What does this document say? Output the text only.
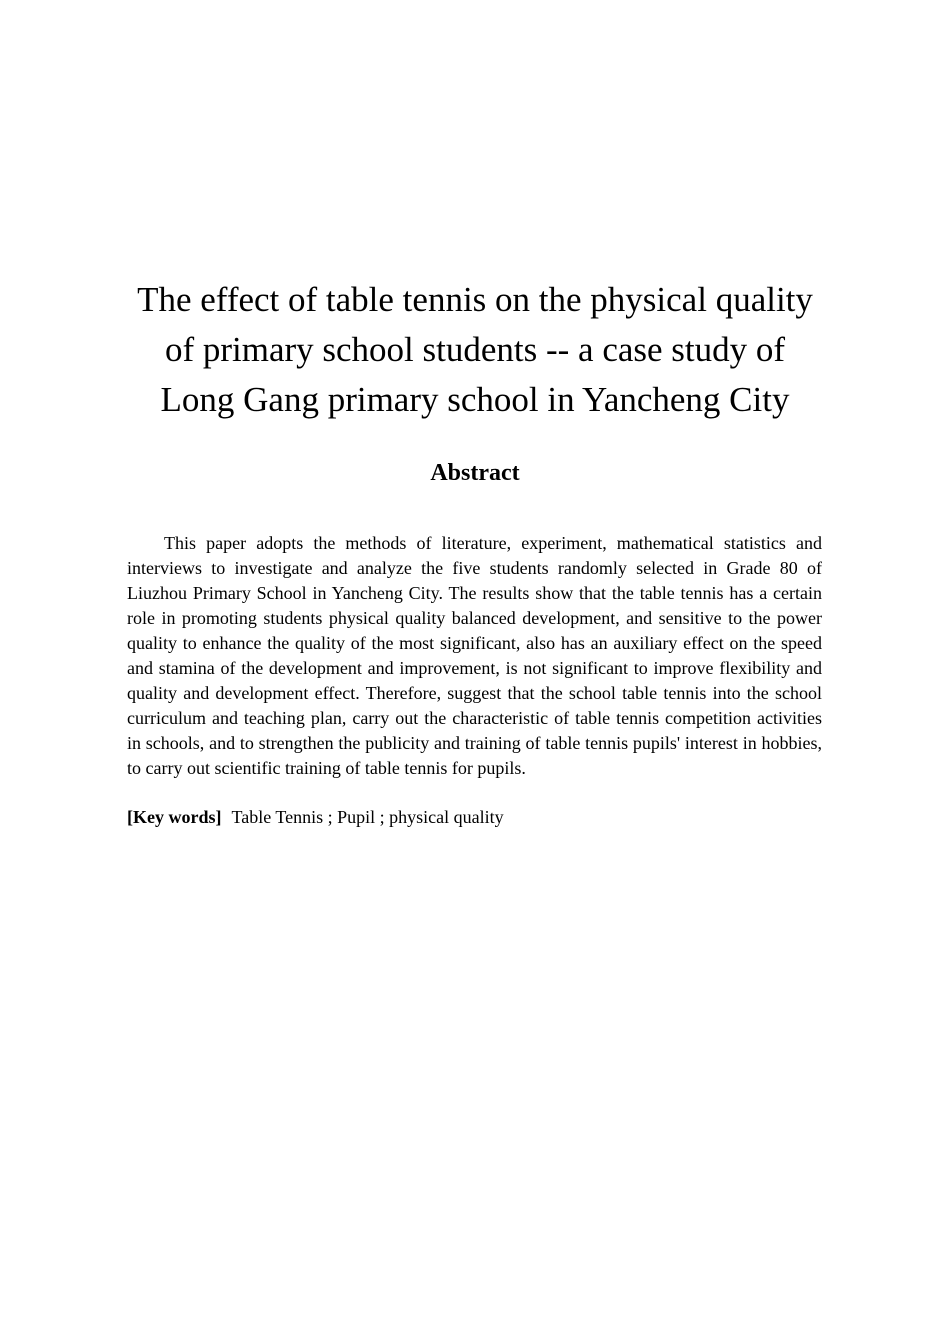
The effect of table tennis on the physical quality
of primary school students -- a case study of
Long Gang primary school in Yancheng City
Abstract

This paper adopts the methods of literature, experiment, mathematical statistics and interviews to investigate and analyze the five students randomly selected in Grade 80 of Liuzhou Primary School in Yancheng City. The results show that the table tennis has a certain role in promoting students physical quality balanced development, and sensitive to the power quality to enhance the quality of the most significant, also has an auxiliary effect on the speed and stamina of the development and improvement, is not significant to improve flexibility and quality and development effect. Therefore, suggest that the school table tennis into the school curriculum and teaching plan, carry out the characteristic of table tennis competition activities in schools, and to strengthen the publicity and training of table tennis pupils' interest in hobbies, to carry out scientific training of table tennis for pupils.

[Key words] Table Tennis ; Pupil ; physical quality
